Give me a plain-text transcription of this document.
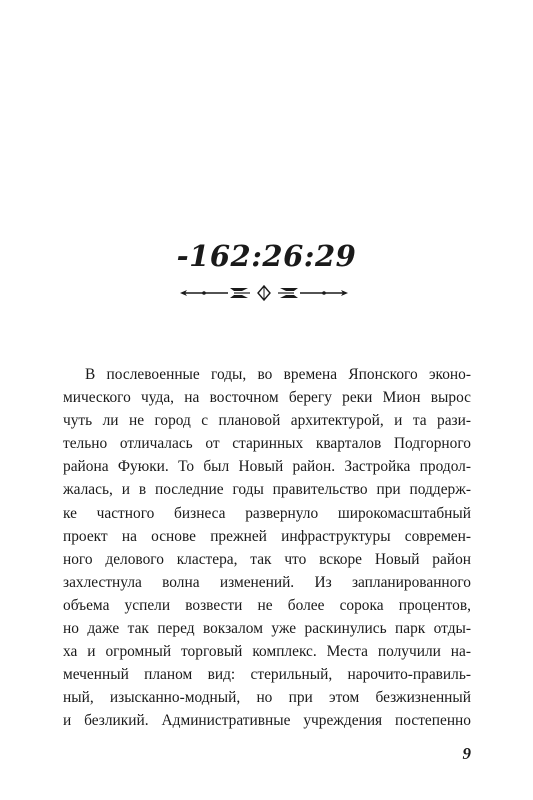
-162:26:29
В послевоенные годы, во времена Японского эконо-
мического чуда, на восточном берегу реки Мион вырос
чуть ли не город с плановой архитектурой, и та рази-
тельно отличалась от старинных кварталов Подгорного
района Фуюки. То был Новый район. Застройка продол-
жалась, и в последние годы правительство при поддерж-
ке частного бизнеса развернуло широкомасштабный
проект на основе прежней инфраструктуры современ-
ного делового кластера, так что вскоре Новый район
захлестнула волна изменений. Из запланированного
объема успели возвести не более сорока процентов,
но даже так перед вокзалом уже раскинулись парк отды-
ха и огромный торговый комплекс. Места получили на-
меченный планом вид: стерильный, нарочито-правиль-
ный, изысканно-модный, но при этом безжизненный
и безликий. Административные учреждения постепенно
9
